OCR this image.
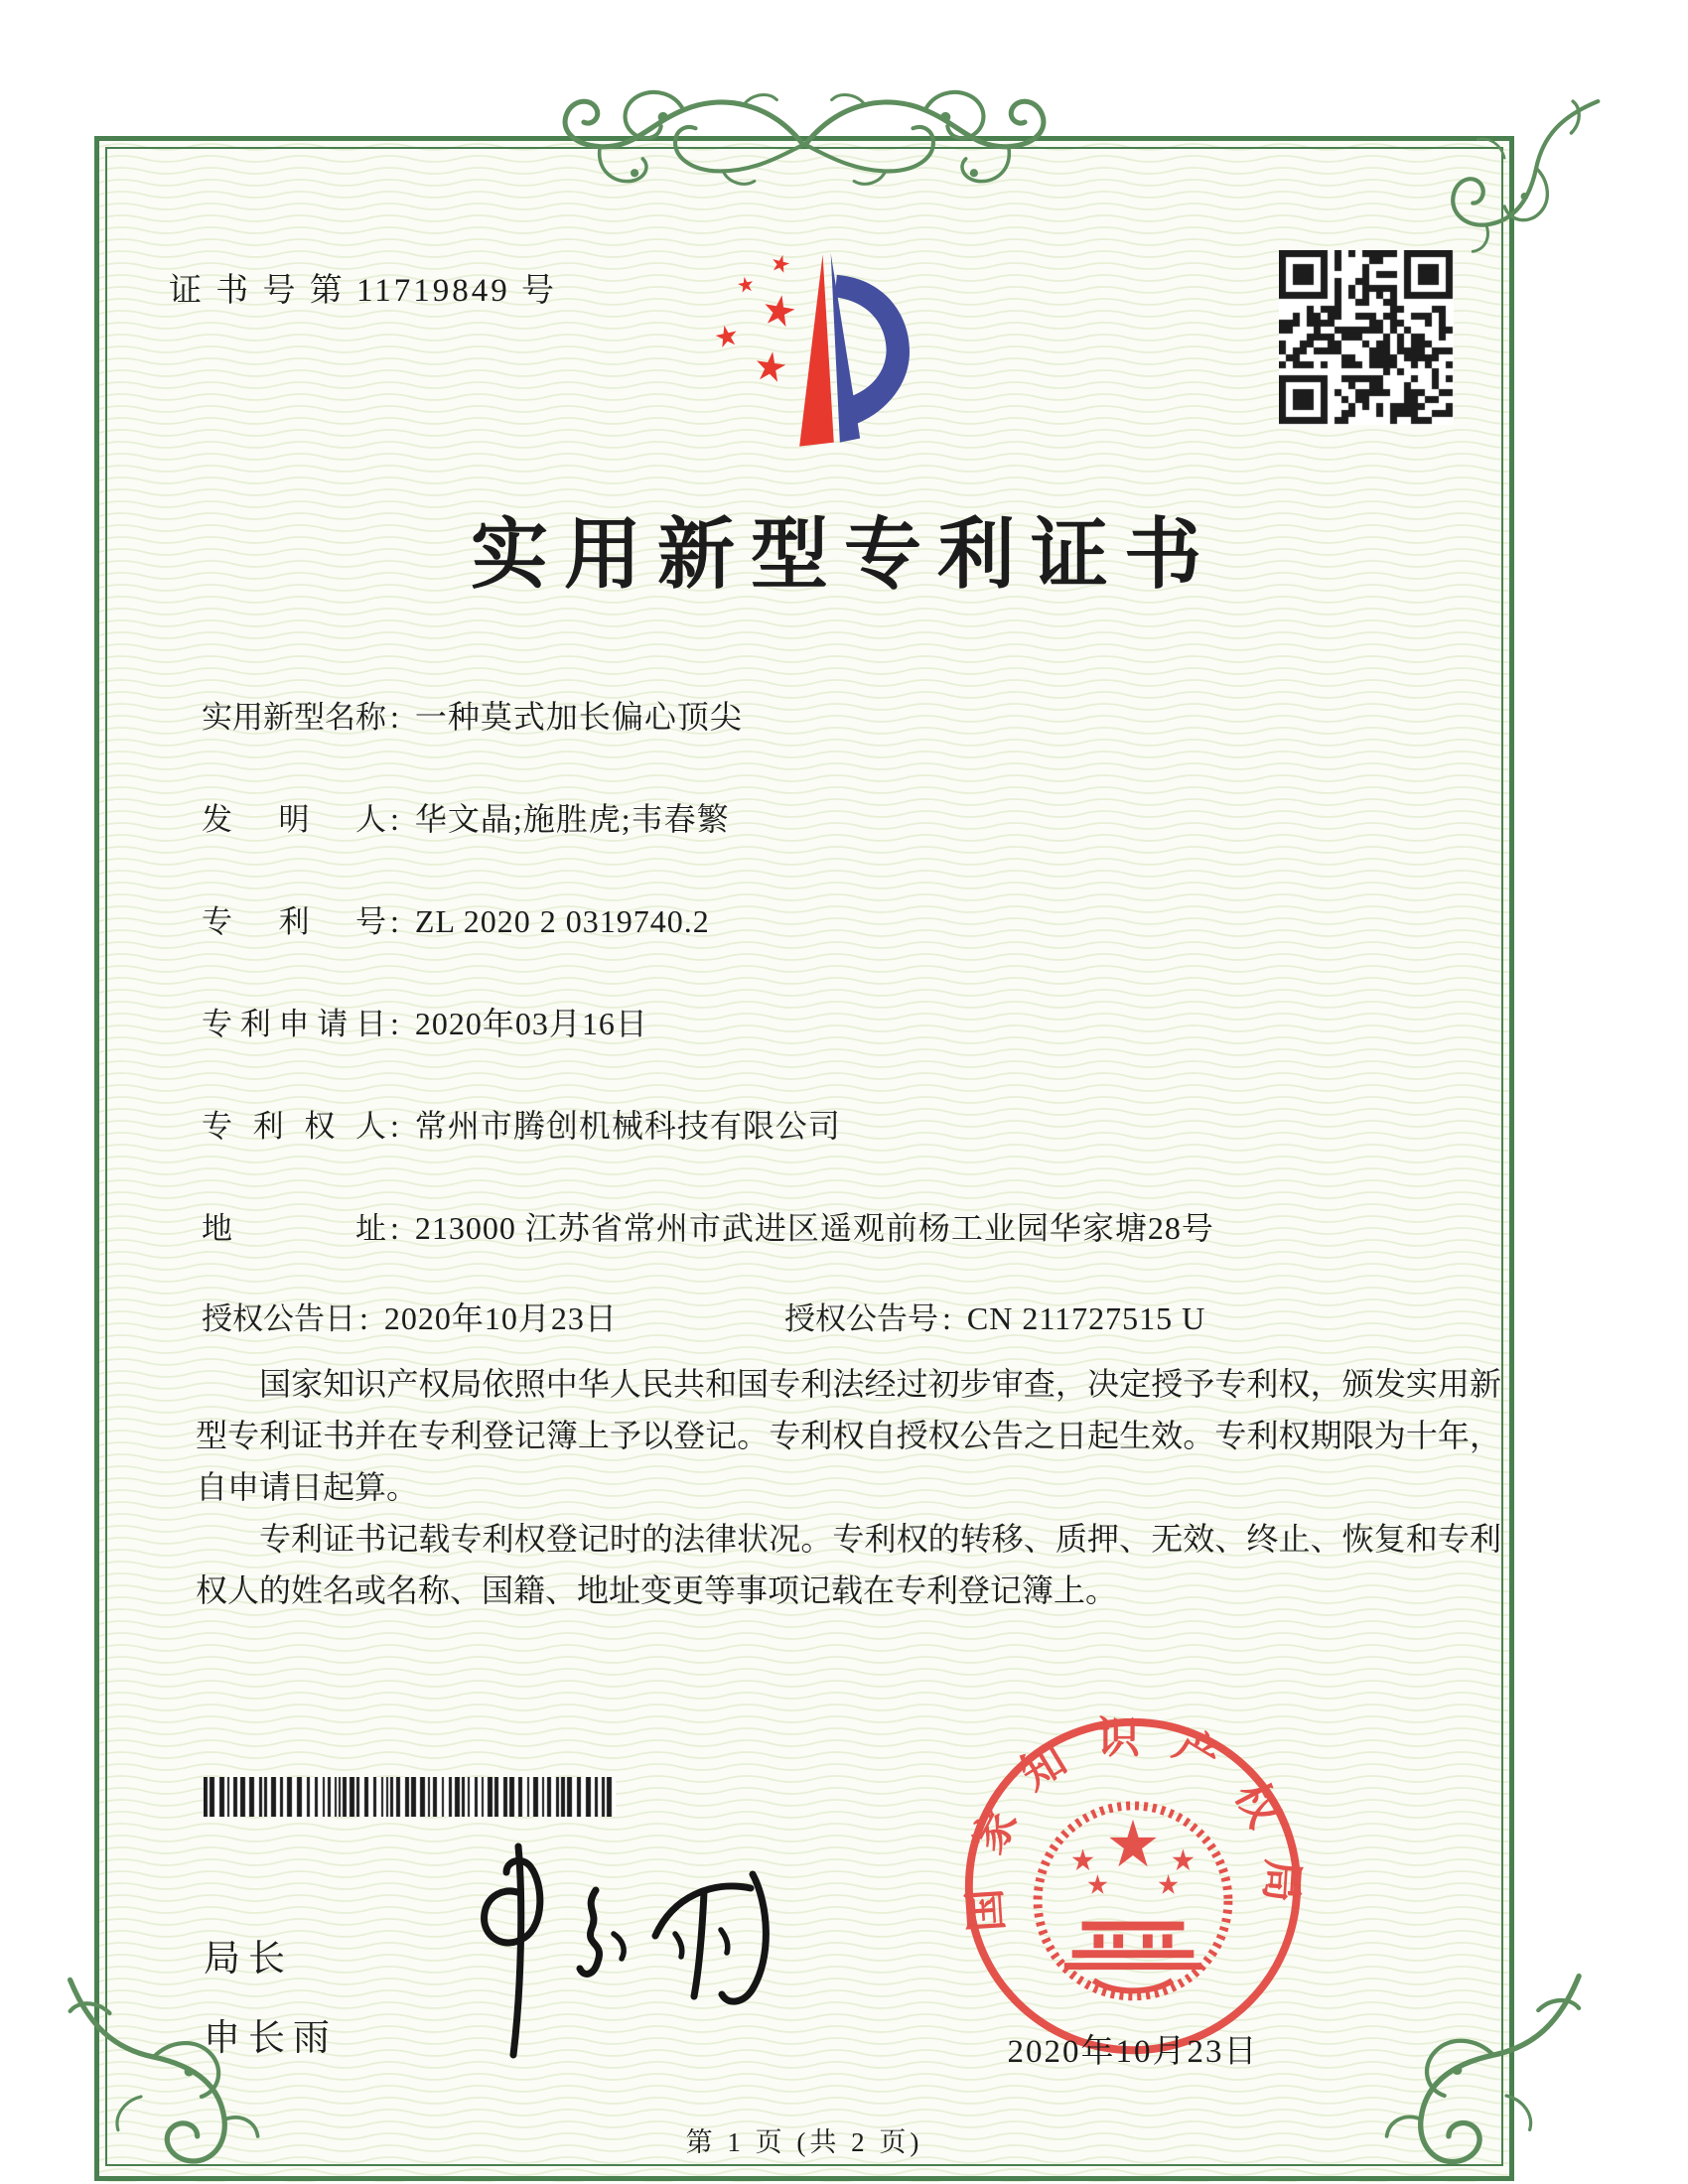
证 书 号 第 11719849 号
实用新型专利证书
实用新型名称 : 一种莫式加长偏心顶尖
发明人 : 华文晶;施胜虎;韦春繁
专利号 : ZL 2020 2 0319740.2
专利申请日 : 2020年03月16日
专利权人 : 常州市腾创机械科技有限公司
地址 : 213000 江苏省常州市武进区遥观前杨工业园华家塘28号
授权公告日 : 2020年10月23日	授权公告号 : CN 211727515 U

国家知识产权局依照中华人民共和国专利法经过初步审查，决定授予专利权，颁发实用新型专利证书并在专利登记簿上予以登记。专利权自授权公告之日起生效。专利权期限为十年，自申请日起算。

专利证书记载专利权登记时的法律状况。专利权的转移、质押、无效、终止、恢复和专利权人的姓名或名称、国籍、地址变更等事项记载在专利登记簿上。

局长
申长雨
国家知识产权局
2020年10月23日
第 1 页 (共 2 页)
